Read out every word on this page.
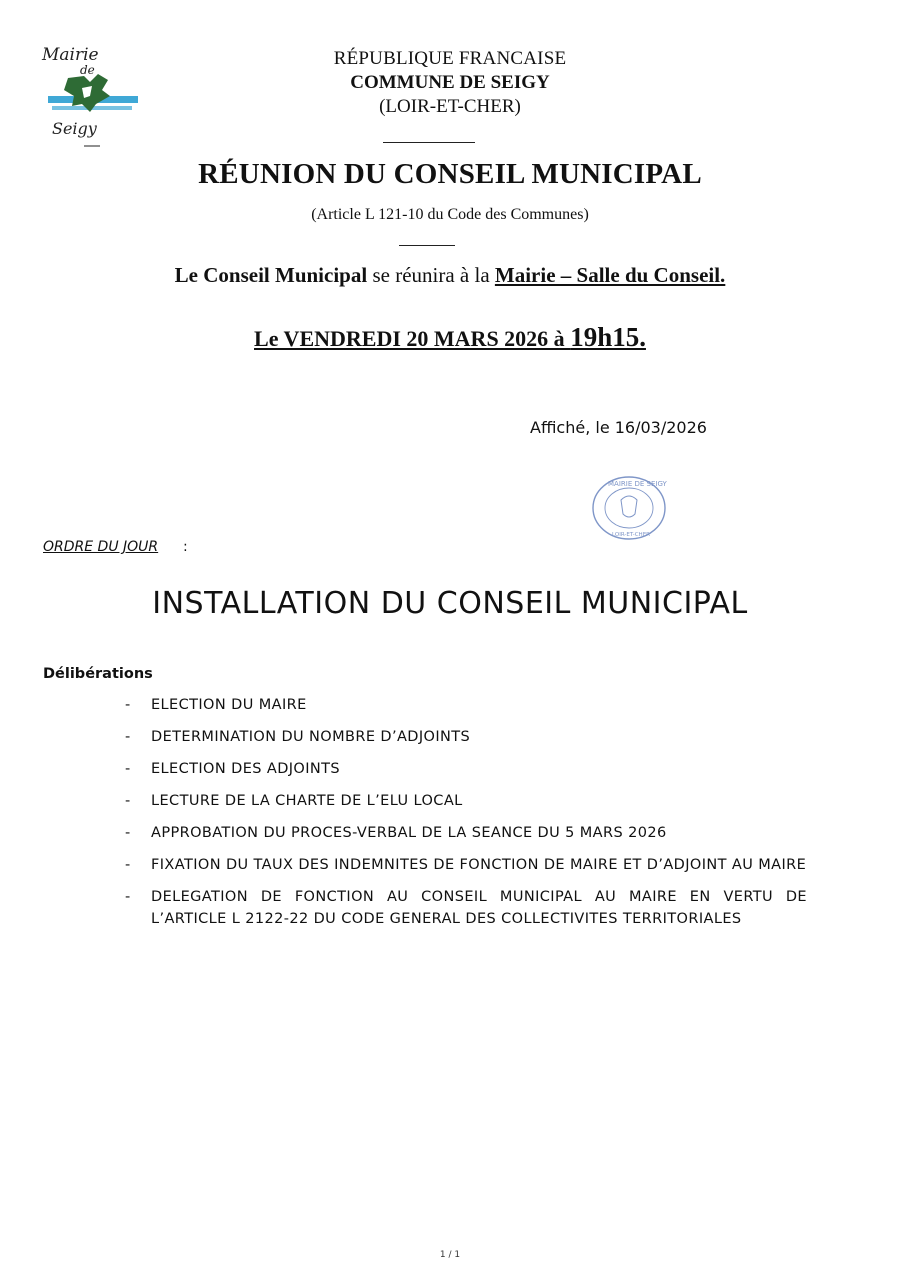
Mairie
de
Seigy
RÉPUBLIQUE FRANCAISE
COMMUNE DE SEIGY
(LOIR-ET-CHER)
RÉUNION DU CONSEIL MUNICIPAL
(Article L 121-10 du Code des Communes)
Le Conseil Municipal se réunira à la Mairie – Salle du Conseil.
Le VENDREDI 20 MARS 2026 à 19h15.
Affiché, le 16/03/2026
MAIRIE DE SEIGY
LOIR-ET-CHER
ORDRE DU JOUR :
INSTALLATION DU CONSEIL MUNICIPAL
Délibérations
- ELECTION DU MAIRE
- DETERMINATION DU NOMBRE D’ADJOINTS
- ELECTION DES ADJOINTS
- LECTURE DE LA CHARTE DE L’ELU LOCAL
- APPROBATION DU PROCES-VERBAL DE LA SEANCE DU 5 MARS 2026
- FIXATION DU TAUX DES INDEMNITES DE FONCTION DE MAIRE ET D’ADJOINT AU MAIRE
- DELEGATION DE FONCTION AU CONSEIL MUNICIPAL AU MAIRE EN VERTU DE L’ARTICLE L 2122-22 DU CODE GENERAL DES COLLECTIVITES TERRITORIALES
1 / 1
